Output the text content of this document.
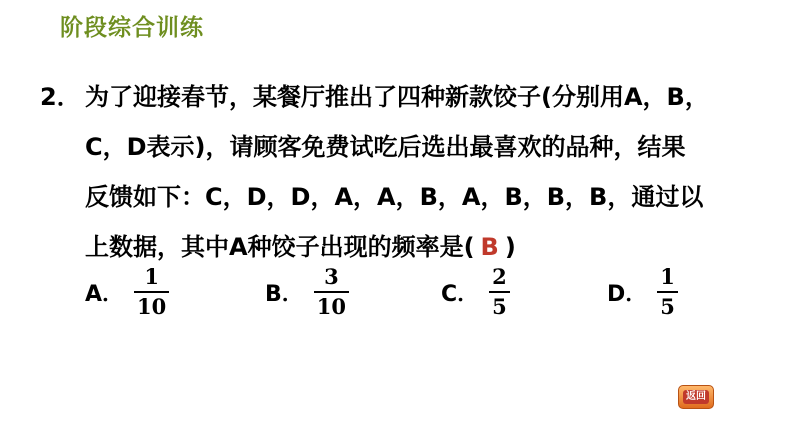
阶段综合训练
2． 为了迎接春节，某餐厅推出了四种新款饺子(分别用A，B，
C，D表示)，请顾客免费试吃后选出最喜欢的品种，结果
反馈如下：C，D，D，A，A，B，A，B，B，B，通过以
上数据，其中A种饺子出现的频率是( B )
A． $\frac{1}{10}$	B． $\frac{3}{10}$	C． $\frac{2}{5}$	D． $\frac{1}{5}$
返回
